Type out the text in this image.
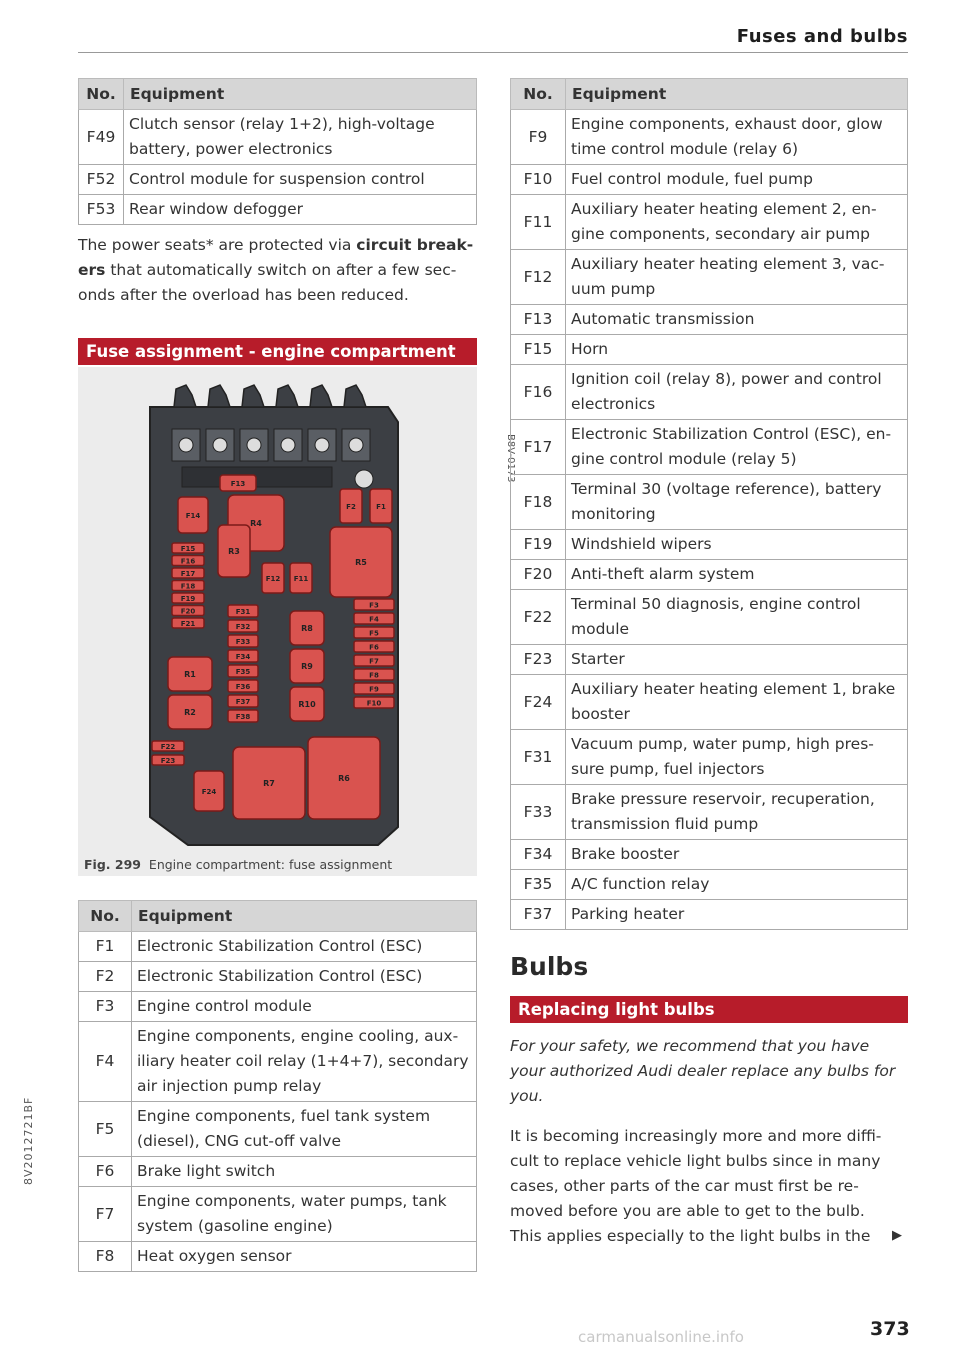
Fuses and bulbs
No.	Equipment
F49	Clutch sensor (relay 1+2), high-voltage battery, power electronics
F52	Control module for suspension control
F53	Rear window defogger
The power seats* are protected via circuit break-ers that automatically switch on after a few sec-onds after the overload has been reduced.
Fuse assignment - engine compartment
R4
R3
R5
R1
R2
R8
R9
R10
R7
R6
F14
F13
F12 F11
F2	F1
F15
F16
F17
F18
F19
F20
F21
F31
F32
F33
F34
F35
F36
F37
F38
F3
F4
F5
F6
F7
F8
F9
F10
F22
F23
F24
B8V-0173
Fig. 299 Engine compartment: fuse assignment
No.	Equipment
F1	Electronic Stabilization Control (ESC)
F2	Electronic Stabilization Control (ESC)
F3	Engine control module
F4	Engine components, engine cooling, aux-iliary heater coil relay (1+4+7), secondary air injection pump relay
F5	Engine components, fuel tank system (diesel), CNG cut-off valve
F6	Brake light switch
F7	Engine components, water pumps, tank system (gasoline engine)
F8	Heat oxygen sensor
No.	Equipment
F9	Engine components, exhaust door, glow time control module (relay 6)
F10	Fuel control module, fuel pump
F11	Auxiliary heater heating element 2, en-gine components, secondary air pump
F12	Auxiliary heater heating element 3, vac-uum pump
F13	Automatic transmission
F15	Horn
F16	Ignition coil (relay 8), power and control electronics
F17	Electronic Stabilization Control (ESC), en-gine control module (relay 5)
F18	Terminal 30 (voltage reference), battery monitoring
F19	Windshield wipers
F20	Anti-theft alarm system
F22	Terminal 50 diagnosis, engine control module
F23	Starter
F24	Auxiliary heater heating element 1, brake booster
F31	Vacuum pump, water pump, high pres-sure pump, fuel injectors
F33	Brake pressure reservoir, recuperation, transmission fluid pump
F34	Brake booster
F35	A/C function relay
F37	Parking heater
Bulbs
Replacing light bulbs
For your safety, we recommend that you have your authorized Audi dealer replace any bulbs for you.
It is becoming increasingly more and more diffi-cult to replace vehicle light bulbs since in many cases, other parts of the car must first be re-moved before you are able to get to the bulb. This applies especially to the light bulbs in the	▶
373
8V2012721BF
carmanualsonline.info
